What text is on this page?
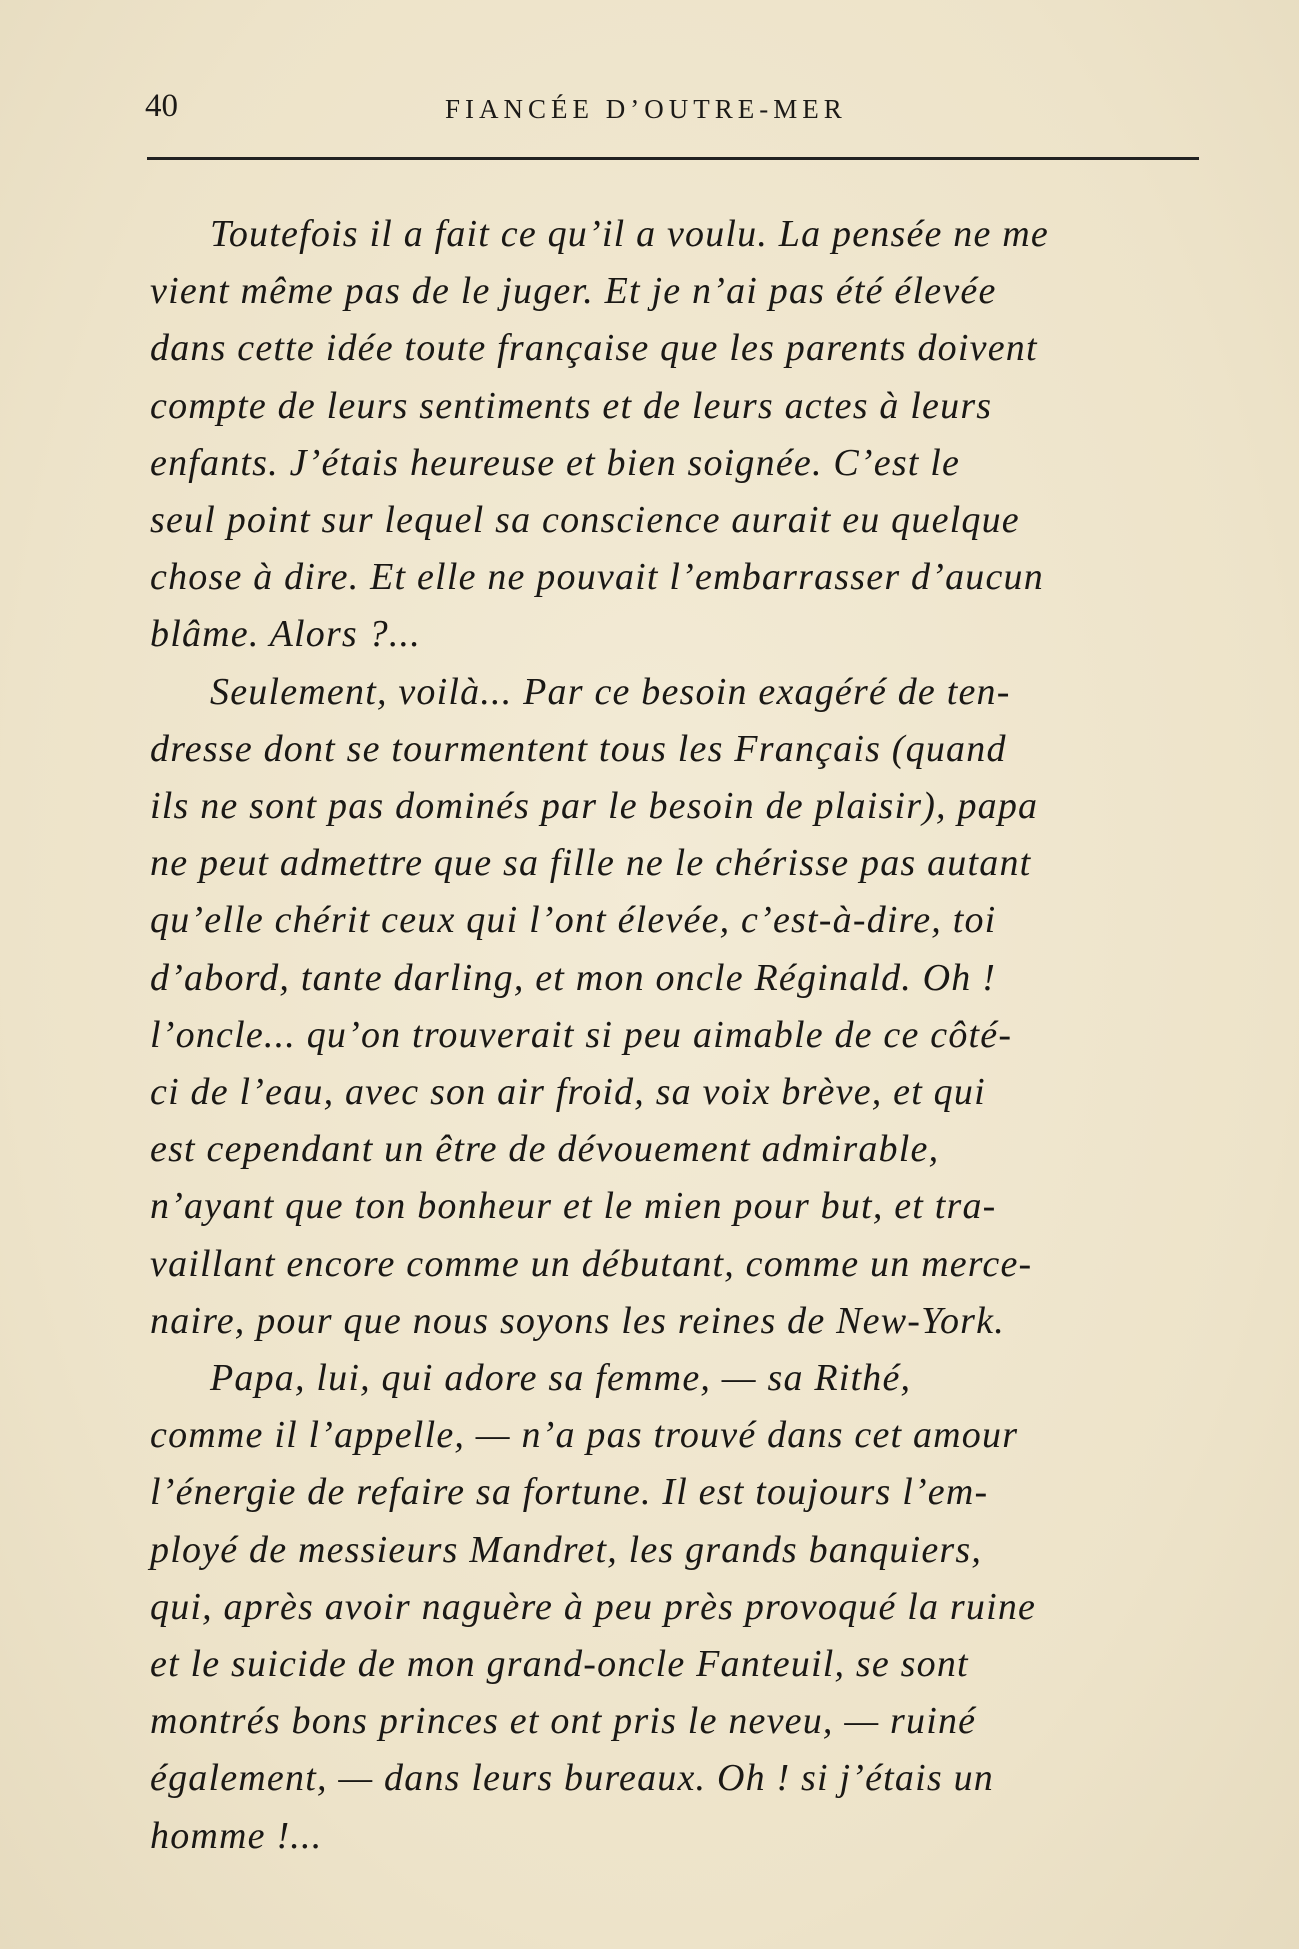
40	FIANCÉE D’OUTRE-MER
Toutefois il a fait ce qu’il a voulu. La pensée ne me
vient même pas de le juger. Et je n’ai pas été élevée
dans cette idée toute française que les parents doivent
compte de leurs sentiments et de leurs actes à leurs
enfants. J’étais heureuse et bien soignée. C’est le
seul point sur lequel sa conscience aurait eu quelque
chose à dire. Et elle ne pouvait l’embarrasser d’aucun
blâme. Alors ?...
Seulement, voilà... Par ce besoin exagéré de ten-
dresse dont se tourmentent tous les Français (quand
ils ne sont pas dominés par le besoin de plaisir), papa
ne peut admettre que sa fille ne le chérisse pas autant
qu’elle chérit ceux qui l’ont élevée, c’est-à-dire, toi
d’abord, tante darling, et mon oncle Réginald. Oh !
l’oncle... qu’on trouverait si peu aimable de ce côté-
ci de l’eau, avec son air froid, sa voix brève, et qui
est cependant un être de dévouement admirable,
n’ayant que ton bonheur et le mien pour but, et tra-
vaillant encore comme un débutant, comme un merce-
naire, pour que nous soyons les reines de New-York.
Papa, lui, qui adore sa femme, — sa Rithé,
comme il l’appelle, — n’a pas trouvé dans cet amour
l’énergie de refaire sa fortune. Il est toujours l’em-
ployé de messieurs Mandret, les grands banquiers,
qui, après avoir naguère à peu près provoqué la ruine
et le suicide de mon grand-oncle Fanteuil, se sont
montrés bons princes et ont pris le neveu, — ruiné
également, — dans leurs bureaux. Oh ! si j’étais un
homme !...
